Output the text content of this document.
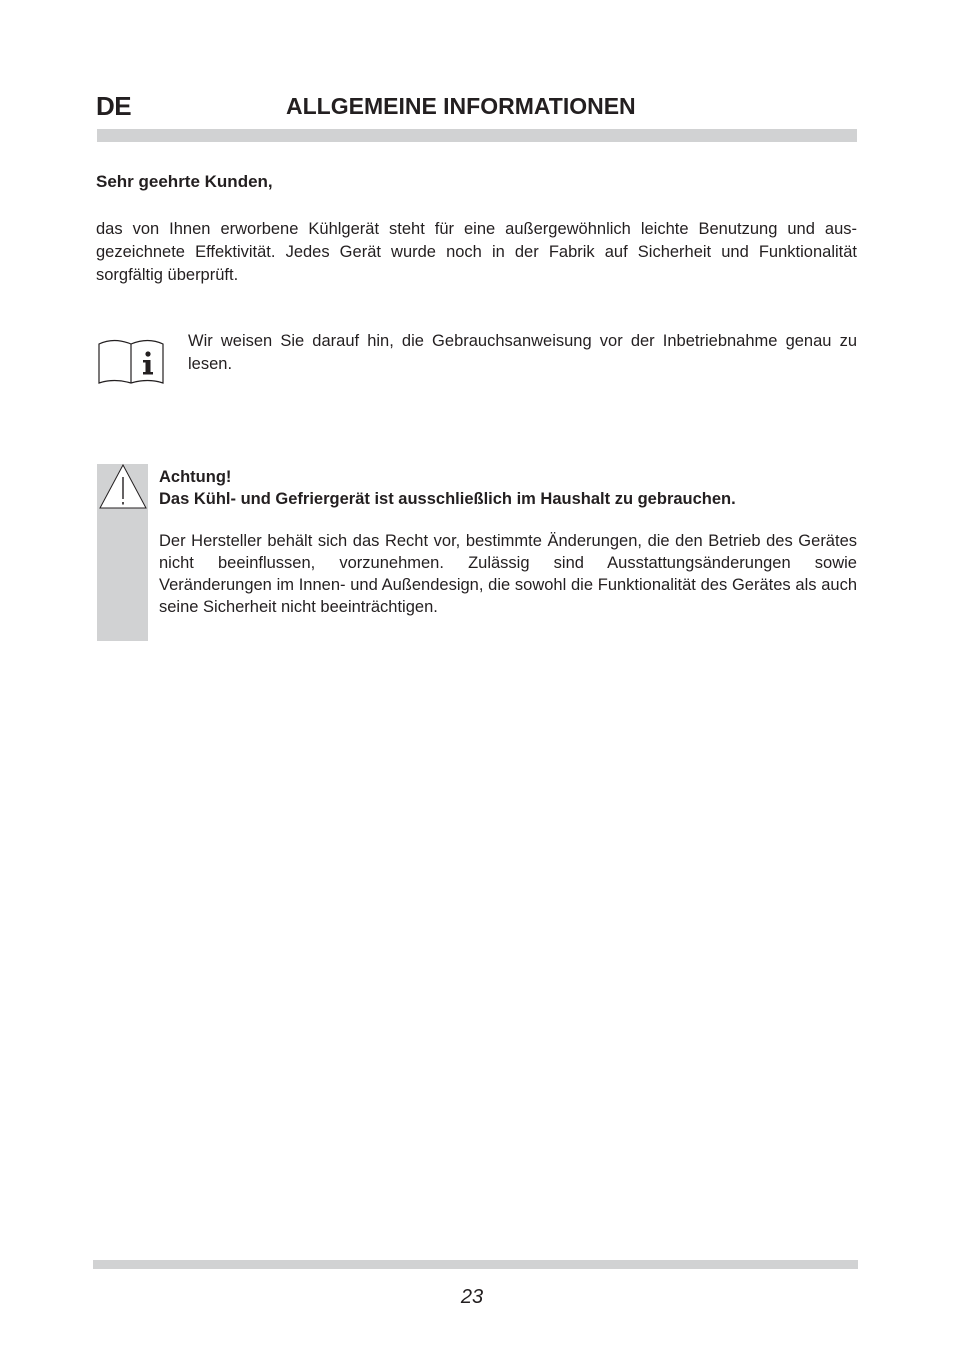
DE	ALLGEMEINE INFORMATIONEN
Sehr geehrte Kunden,
das von Ihnen erworbene Kühlgerät steht für eine außergewöhnlich leichte Benutzung und aus-gezeichnete Effektivität. Jedes Gerät wurde noch in der Fabrik auf Sicherheit und Funktionalität sorgfältig überprüft.
Wir weisen Sie darauf hin, die Gebrauchsanweisung vor der Inbetriebnahme genau zu lesen.
Achtung!
Das Kühl- und Gefriergerät ist ausschließlich im Haushalt zu gebrauchen.
Der Hersteller behält sich das Recht vor, bestimmte Änderungen, die den Betrieb des Gerätes nicht beeinflussen, vorzunehmen. Zulässig sind Ausstattungsänderungen sowie Veränderungen im Innen- und Außendesign, die sowohl die Funktionalität des Gerätes als auch seine Sicherheit nicht beeinträchtigen.
23
